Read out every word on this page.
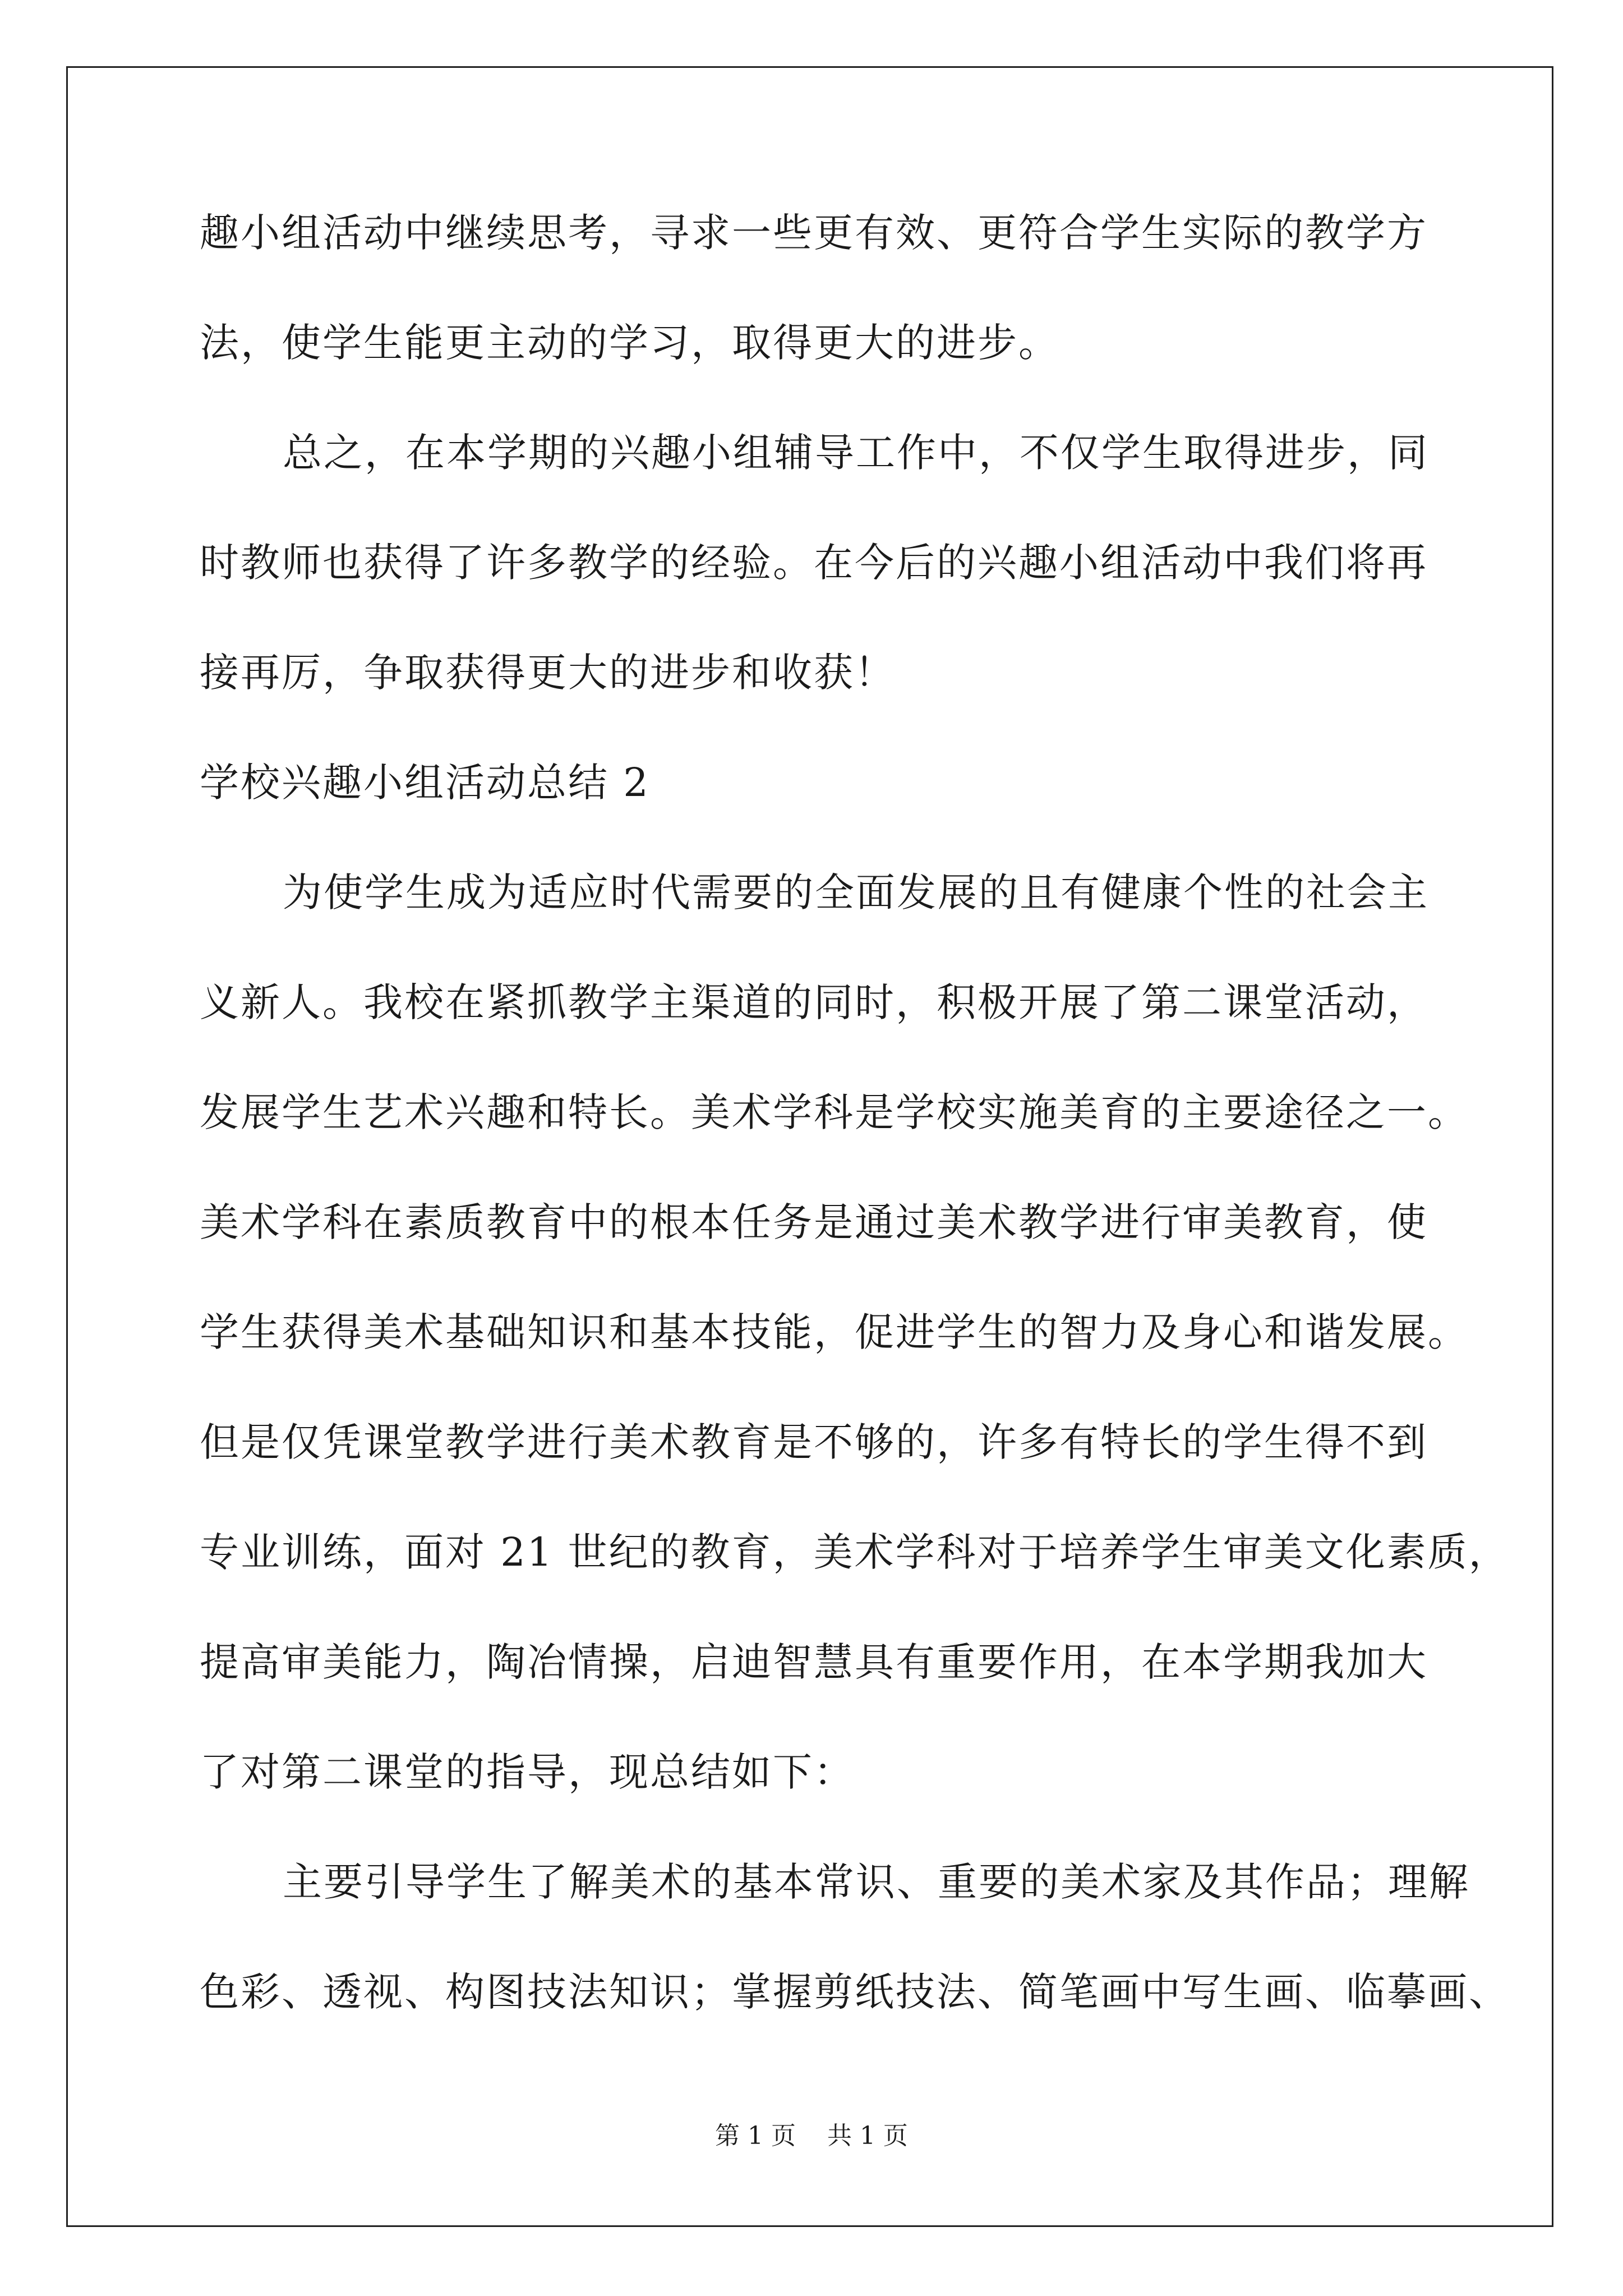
趣小组活动中继续思考，寻求一些更有效、更符合学生实际的教学方
法，使学生能更主动的学习，取得更大的进步。
总之，在本学期的兴趣小组辅导工作中，不仅学生取得进步，同
时教师也获得了许多教学的经验。在今后的兴趣小组活动中我们将再
接再厉，争取获得更大的进步和收获！
学校兴趣小组活动总结 2
为使学生成为适应时代需要的全面发展的且有健康个性的社会主
义新人。我校在紧抓教学主渠道的同时，积极开展了第二课堂活动，
发展学生艺术兴趣和特长。美术学科是学校实施美育的主要途径之一。
美术学科在素质教育中的根本任务是通过美术教学进行审美教育，使
学生获得美术基础知识和基本技能，促进学生的智力及身心和谐发展。
但是仅凭课堂教学进行美术教育是不够的，许多有特长的学生得不到
专业训练，面对 21 世纪的教育，美术学科对于培养学生审美文化素质，
提高审美能力，陶冶情操，启迪智慧具有重要作用，在本学期我加大
了对第二课堂的指导，现总结如下：
主要引导学生了解美术的基本常识、重要的美术家及其作品；理解
色彩、透视、构图技法知识；掌握剪纸技法、简笔画中写生画、临摹画、
第 1 页    共 1 页
